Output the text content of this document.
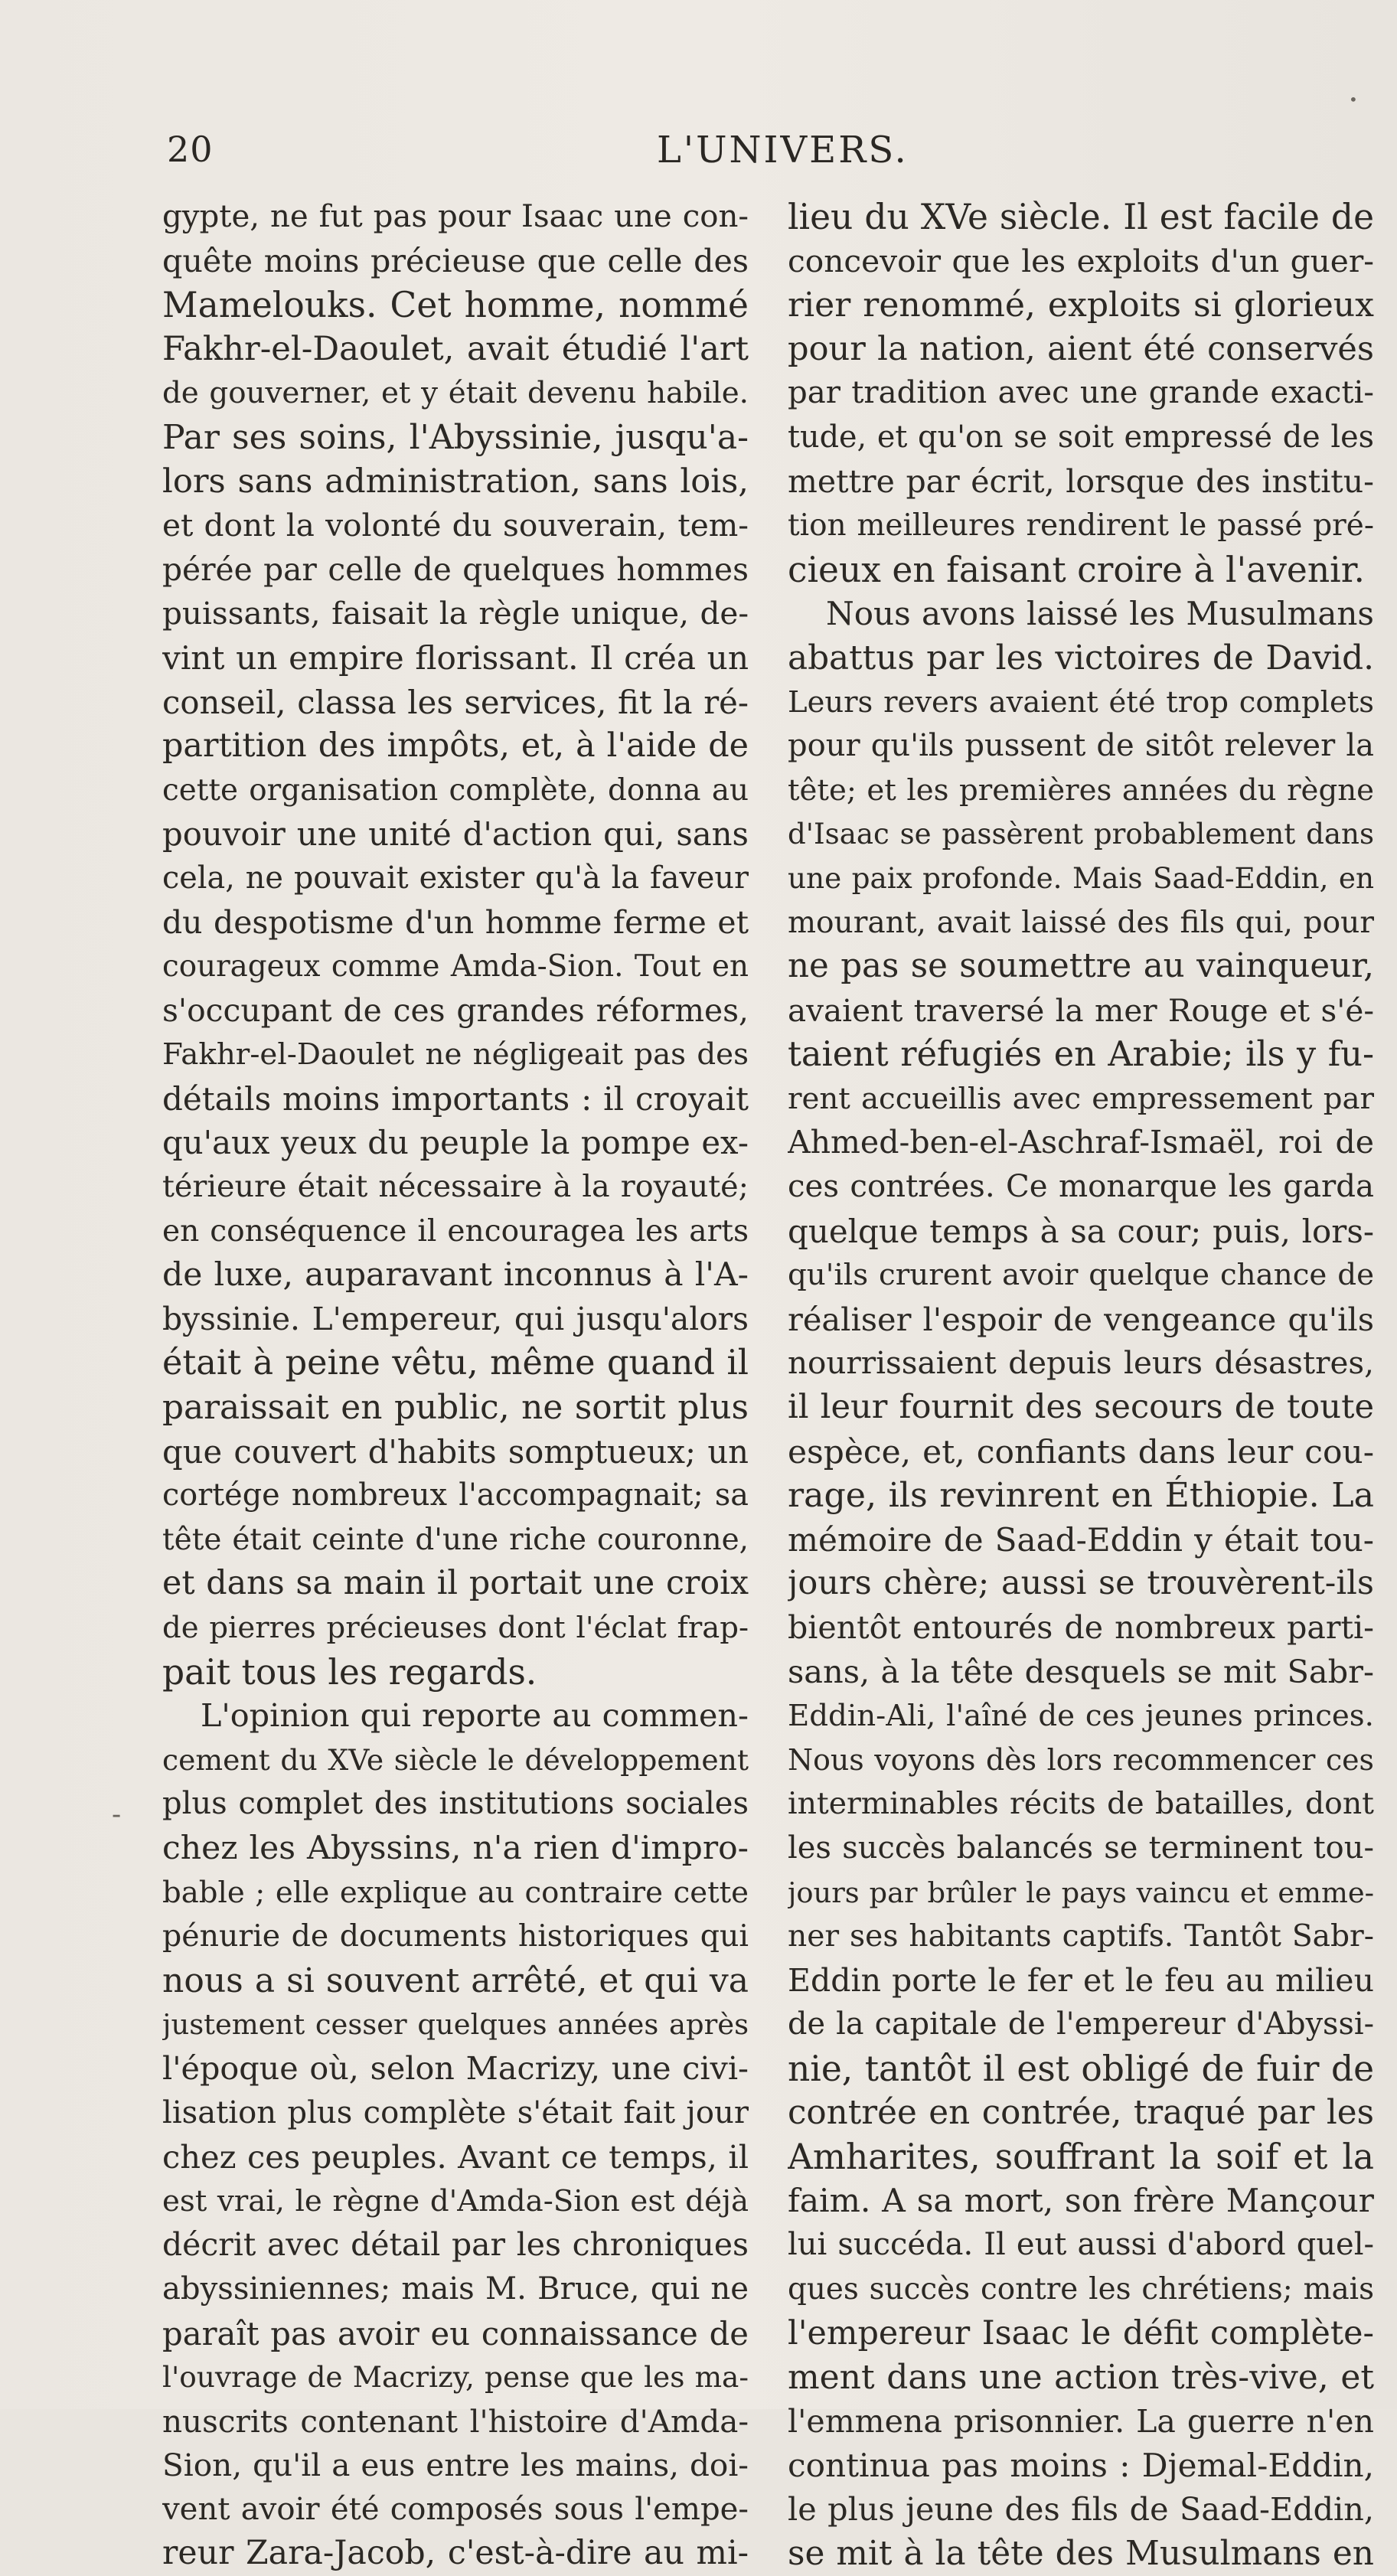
•
-
20	L'UNIVERS.
gypte, ne fut pas pour Isaac une con-
quête moins précieuse que celle des
Mamelouks. Cet homme, nommé
Fakhr-el-Daoulet, avait étudié l'art
de gouverner, et y était devenu habile.
Par ses soins, l'Abyssinie, jusqu'a-
lors sans administration, sans lois,
et dont la volonté du souverain, tem-
pérée par celle de quelques hommes
puissants, faisait la règle unique, de-
vint un empire florissant. Il créa un
conseil, classa les services, fit la ré-
partition des impôts, et, à l'aide de
cette organisation complète, donna au
pouvoir une unité d'action qui, sans
cela, ne pouvait exister qu'à la faveur
du despotisme d'un homme ferme et
courageux comme Amda-Sion. Tout en
s'occupant de ces grandes réformes,
Fakhr-el-Daoulet ne négligeait pas des
détails moins importants : il croyait
qu'aux yeux du peuple la pompe ex-
térieure était nécessaire à la royauté;
en conséquence il encouragea les arts
de luxe, auparavant inconnus à l'A-
byssinie. L'empereur, qui jusqu'alors
était à peine vêtu, même quand il
paraissait en public, ne sortit plus
que couvert d'habits somptueux; un
cortége nombreux l'accompagnait; sa
tête était ceinte d'une riche couronne,
et dans sa main il portait une croix
de pierres précieuses dont l'éclat frap-
pait tous les regards.
L'opinion qui reporte au commen-
cement du XVe siècle le développement
plus complet des institutions sociales
chez les Abyssins, n'a rien d'impro-
bable ; elle explique au contraire cette
pénurie de documents historiques qui
nous a si souvent arrêté, et qui va
justement cesser quelques années après
l'époque où, selon Macrizy, une civi-
lisation plus complète s'était fait jour
chez ces peuples. Avant ce temps, il
est vrai, le règne d'Amda-Sion est déjà
décrit avec détail par les chroniques
abyssiniennes; mais M. Bruce, qui ne
paraît pas avoir eu connaissance de
l'ouvrage de Macrizy, pense que les ma-
nuscrits contenant l'histoire d'Amda-
Sion, qu'il a eus entre les mains, doi-
vent avoir été composés sous l'empe-
reur Zara-Jacob, c'est-à-dire au mi-
lieu du XVe siècle. Il est facile de
concevoir que les exploits d'un guer-
rier renommé, exploits si glorieux
pour la nation, aient été conservés
par tradition avec une grande exacti-
tude, et qu'on se soit empressé de les
mettre par écrit, lorsque des institu-
tion meilleures rendirent le passé pré-
cieux en faisant croire à l'avenir.
Nous avons laissé les Musulmans
abattus par les victoires de David.
Leurs revers avaient été trop complets
pour qu'ils pussent de sitôt relever la
tête; et les premières années du règne
d'Isaac se passèrent probablement dans
une paix profonde. Mais Saad-Eddin, en
mourant, avait laissé des fils qui, pour
ne pas se soumettre au vainqueur,
avaient traversé la mer Rouge et s'é-
taient réfugiés en Arabie; ils y fu-
rent accueillis avec empressement par
Ahmed-ben-el-Aschraf-Ismaël, roi de
ces contrées. Ce monarque les garda
quelque temps à sa cour; puis, lors-
qu'ils crurent avoir quelque chance de
réaliser l'espoir de vengeance qu'ils
nourrissaient depuis leurs désastres,
il leur fournit des secours de toute
espèce, et, confiants dans leur cou-
rage, ils revinrent en Éthiopie. La
mémoire de Saad-Eddin y était tou-
jours chère; aussi se trouvèrent-ils
bientôt entourés de nombreux parti-
sans, à la tête desquels se mit Sabr-
Eddin-Ali, l'aîné de ces jeunes princes.
Nous voyons dès lors recommencer ces
interminables récits de batailles, dont
les succès balancés se terminent tou-
jours par brûler le pays vaincu et emme-
ner ses habitants captifs. Tantôt Sabr-
Eddin porte le fer et le feu au milieu
de la capitale de l'empereur d'Abyssi-
nie, tantôt il est obligé de fuir de
contrée en contrée, traqué par les
Amharites, souffrant la soif et la
faim. A sa mort, son frère Mançour
lui succéda. Il eut aussi d'abord quel-
ques succès contre les chrétiens; mais
l'empereur Isaac le défit complète-
ment dans une action très-vive, et
l'emmena prisonnier. La guerre n'en
continua pas moins : Djemal-Eddin,
le plus jeune des fils de Saad-Eddin,
se mit à la tête des Musulmans en
